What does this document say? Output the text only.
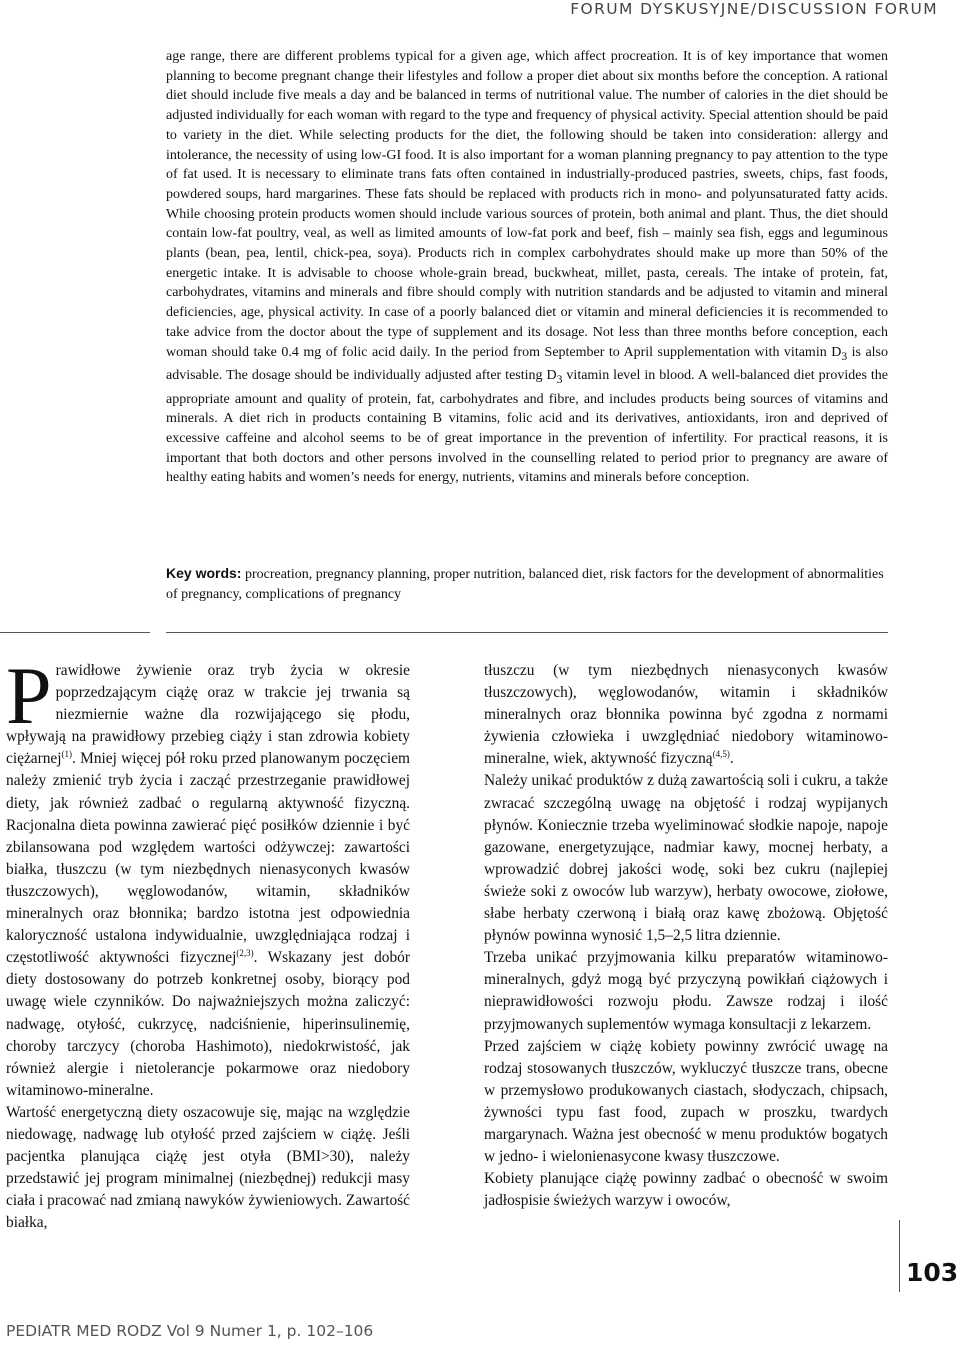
FORUM DYSKUSYJNE/DISCUSSION FORUM

age range, there are different problems typical for a given age, which affect procreation. It is of key importance that women planning to become pregnant change their lifestyles and follow a proper diet about six months before the conception. A rational diet should include five meals a day and be balanced in terms of nutritional value. The number of calories in the diet should be adjusted individually for each woman with regard to the type and frequency of physical activity. Special attention should be paid to variety in the diet. While selecting products for the diet, the following should be taken into consideration: allergy and intolerance, the necessity of using low-GI food. It is also important for a woman planning pregnancy to pay attention to the type of fat used. It is necessary to eliminate trans fats often contained in industrially-produced pastries, sweets, chips, fast foods, powdered soups, hard margarines. These fats should be replaced with products rich in mono- and polyunsaturated fatty acids. While choosing protein products women should include various sources of protein, both animal and plant. Thus, the diet should contain low-fat poultry, veal, as well as limited amounts of low-fat pork and beef, fish – mainly sea fish, eggs and leguminous plants (bean, pea, lentil, chick-pea, soya). Products rich in complex carbohydrates should make up more than 50% of the energetic intake. It is advisable to choose whole-grain bread, buckwheat, millet, pasta, cereals. The intake of protein, fat, carbohydrates, vitamins and minerals and fibre should comply with nutrition standards and be adjusted to vitamin and mineral deficiencies, age, physical activity. In case of a poorly balanced diet or vitamin and mineral deficiencies it is recommended to take advice from the doctor about the type of supplement and its dosage. Not less than three months before conception, each woman should take 0.4 mg of folic acid daily. In the period from September to April supplementation with vitamin $D_3$ is also advisable. The dosage should be individually adjusted after testing $D_3$ vitamin level in blood. A well-balanced diet provides the appropriate amount and quality of protein, fat, carbohydrates and fibre, and includes products being sources of vitamins and minerals. A diet rich in products containing B vitamins, folic acid and its derivatives, antioxidants, iron and deprived of excessive caffeine and alcohol seems to be of great importance in the prevention of infertility. For practical reasons, it is important that both doctors and other persons involved in the counselling related to period prior to pregnancy are aware of healthy eating habits and women’s needs for energy, nutrients, vitamins and minerals before conception.

Key words: procreation, pregnancy planning, proper nutrition, balanced diet, risk factors for the development of abnormalities of pregnancy, complications of pregnancy

Prawidłowe żywienie oraz tryb życia w okresie poprzedzającym ciążę oraz w trakcie jej trwania są niezmiernie ważne dla rozwijającego się płodu, wpływają na prawidłowy przebieg ciąży i stan zdrowia kobiety ciężarnej$^{(1)}$. Mniej więcej pół roku przed planowanym poczęciem należy zmienić tryb życia i zacząć przestrzeganie prawidłowej diety, jak również zadbać o regularną aktywność fizyczną. Racjonalna dieta powinna zawierać pięć posiłków dziennie i być zbilansowana pod względem wartości odżywczej: zawartości białka, tłuszczu (w tym niezbędnych nienasyconych kwasów tłuszczowych), węglowodanów, witamin, składników mineralnych oraz błonnika; bardzo istotna jest odpowiednia kaloryczność ustalona indywidualnie, uwzględniająca rodzaj i częstotliwość aktywności fizycznej$^{(2,3)}$. Wskazany jest dobór diety dostosowany do potrzeb konkretnej osoby, biorący pod uwagę wiele czynników. Do najważniejszych można zaliczyć: nadwagę, otyłość, cukrzycę, nadciśnienie, hiperinsulinemię, choroby tarczycy (choroba Hashimoto), niedokrwistość, jak również alergie i nietolerancje pokarmowe oraz niedobory witaminowo-mineralne.

Wartość energetyczną diety oszacowuje się, mając na względzie niedowagę, nadwagę lub otyłość przed zajściem w ciążę. Jeśli pacjentka planująca ciążę jest otyła (BMI>30), należy przedstawić jej program minimalnej (niezbędnej) redukcji masy ciała i pracować nad zmianą nawyków żywieniowych. Zawartość białka,

tłuszczu (w tym niezbędnych nienasyconych kwasów tłuszczowych), węglowodanów, witamin i składników mineralnych oraz błonnika powinna być zgodna z normami żywienia człowieka i uwzględniać niedobory witaminowo-mineralne, wiek, aktywność fizyczną$^{(4,5)}$.

Należy unikać produktów z dużą zawartością soli i cukru, a także zwracać szczególną uwagę na objętość i rodzaj wypijanych płynów. Koniecznie trzeba wyeliminować słodkie napoje, napoje gazowane, energetyzujące, nadmiar kawy, mocnej herbaty, a wprowadzić dobrej jakości wodę, soki bez cukru (najlepiej świeże soki z owoców lub warzyw), herbaty owocowe, ziołowe, słabe herbaty czerwoną i białą oraz kawę zbożową. Objętość płynów powinna wynosić 1,5–2,5 litra dziennie.

Trzeba unikać przyjmowania kilku preparatów witaminowo-mineralnych, gdyż mogą być przyczyną powikłań ciążowych i nieprawidłowości rozwoju płodu. Zawsze rodzaj i ilość przyjmowanych suplementów wymaga konsultacji z lekarzem.

Przed zajściem w ciążę kobiety powinny zwrócić uwagę na rodzaj stosowanych tłuszczów, wykluczyć tłuszcze trans, obecne w przemysłowo produkowanych ciastach, słodyczach, chipsach, żywności typu fast food, zupach w proszku, twardych margarynach. Ważna jest obecność w menu produktów bogatych w jedno- i wielonienasycone kwasy tłuszczowe.

Kobiety planujące ciążę powinny zadbać o obecność w swoim jadłospisie świeżych warzyw i owoców,

103
PEDIATR MED RODZ Vol 9 Numer 1, p. 102–106
